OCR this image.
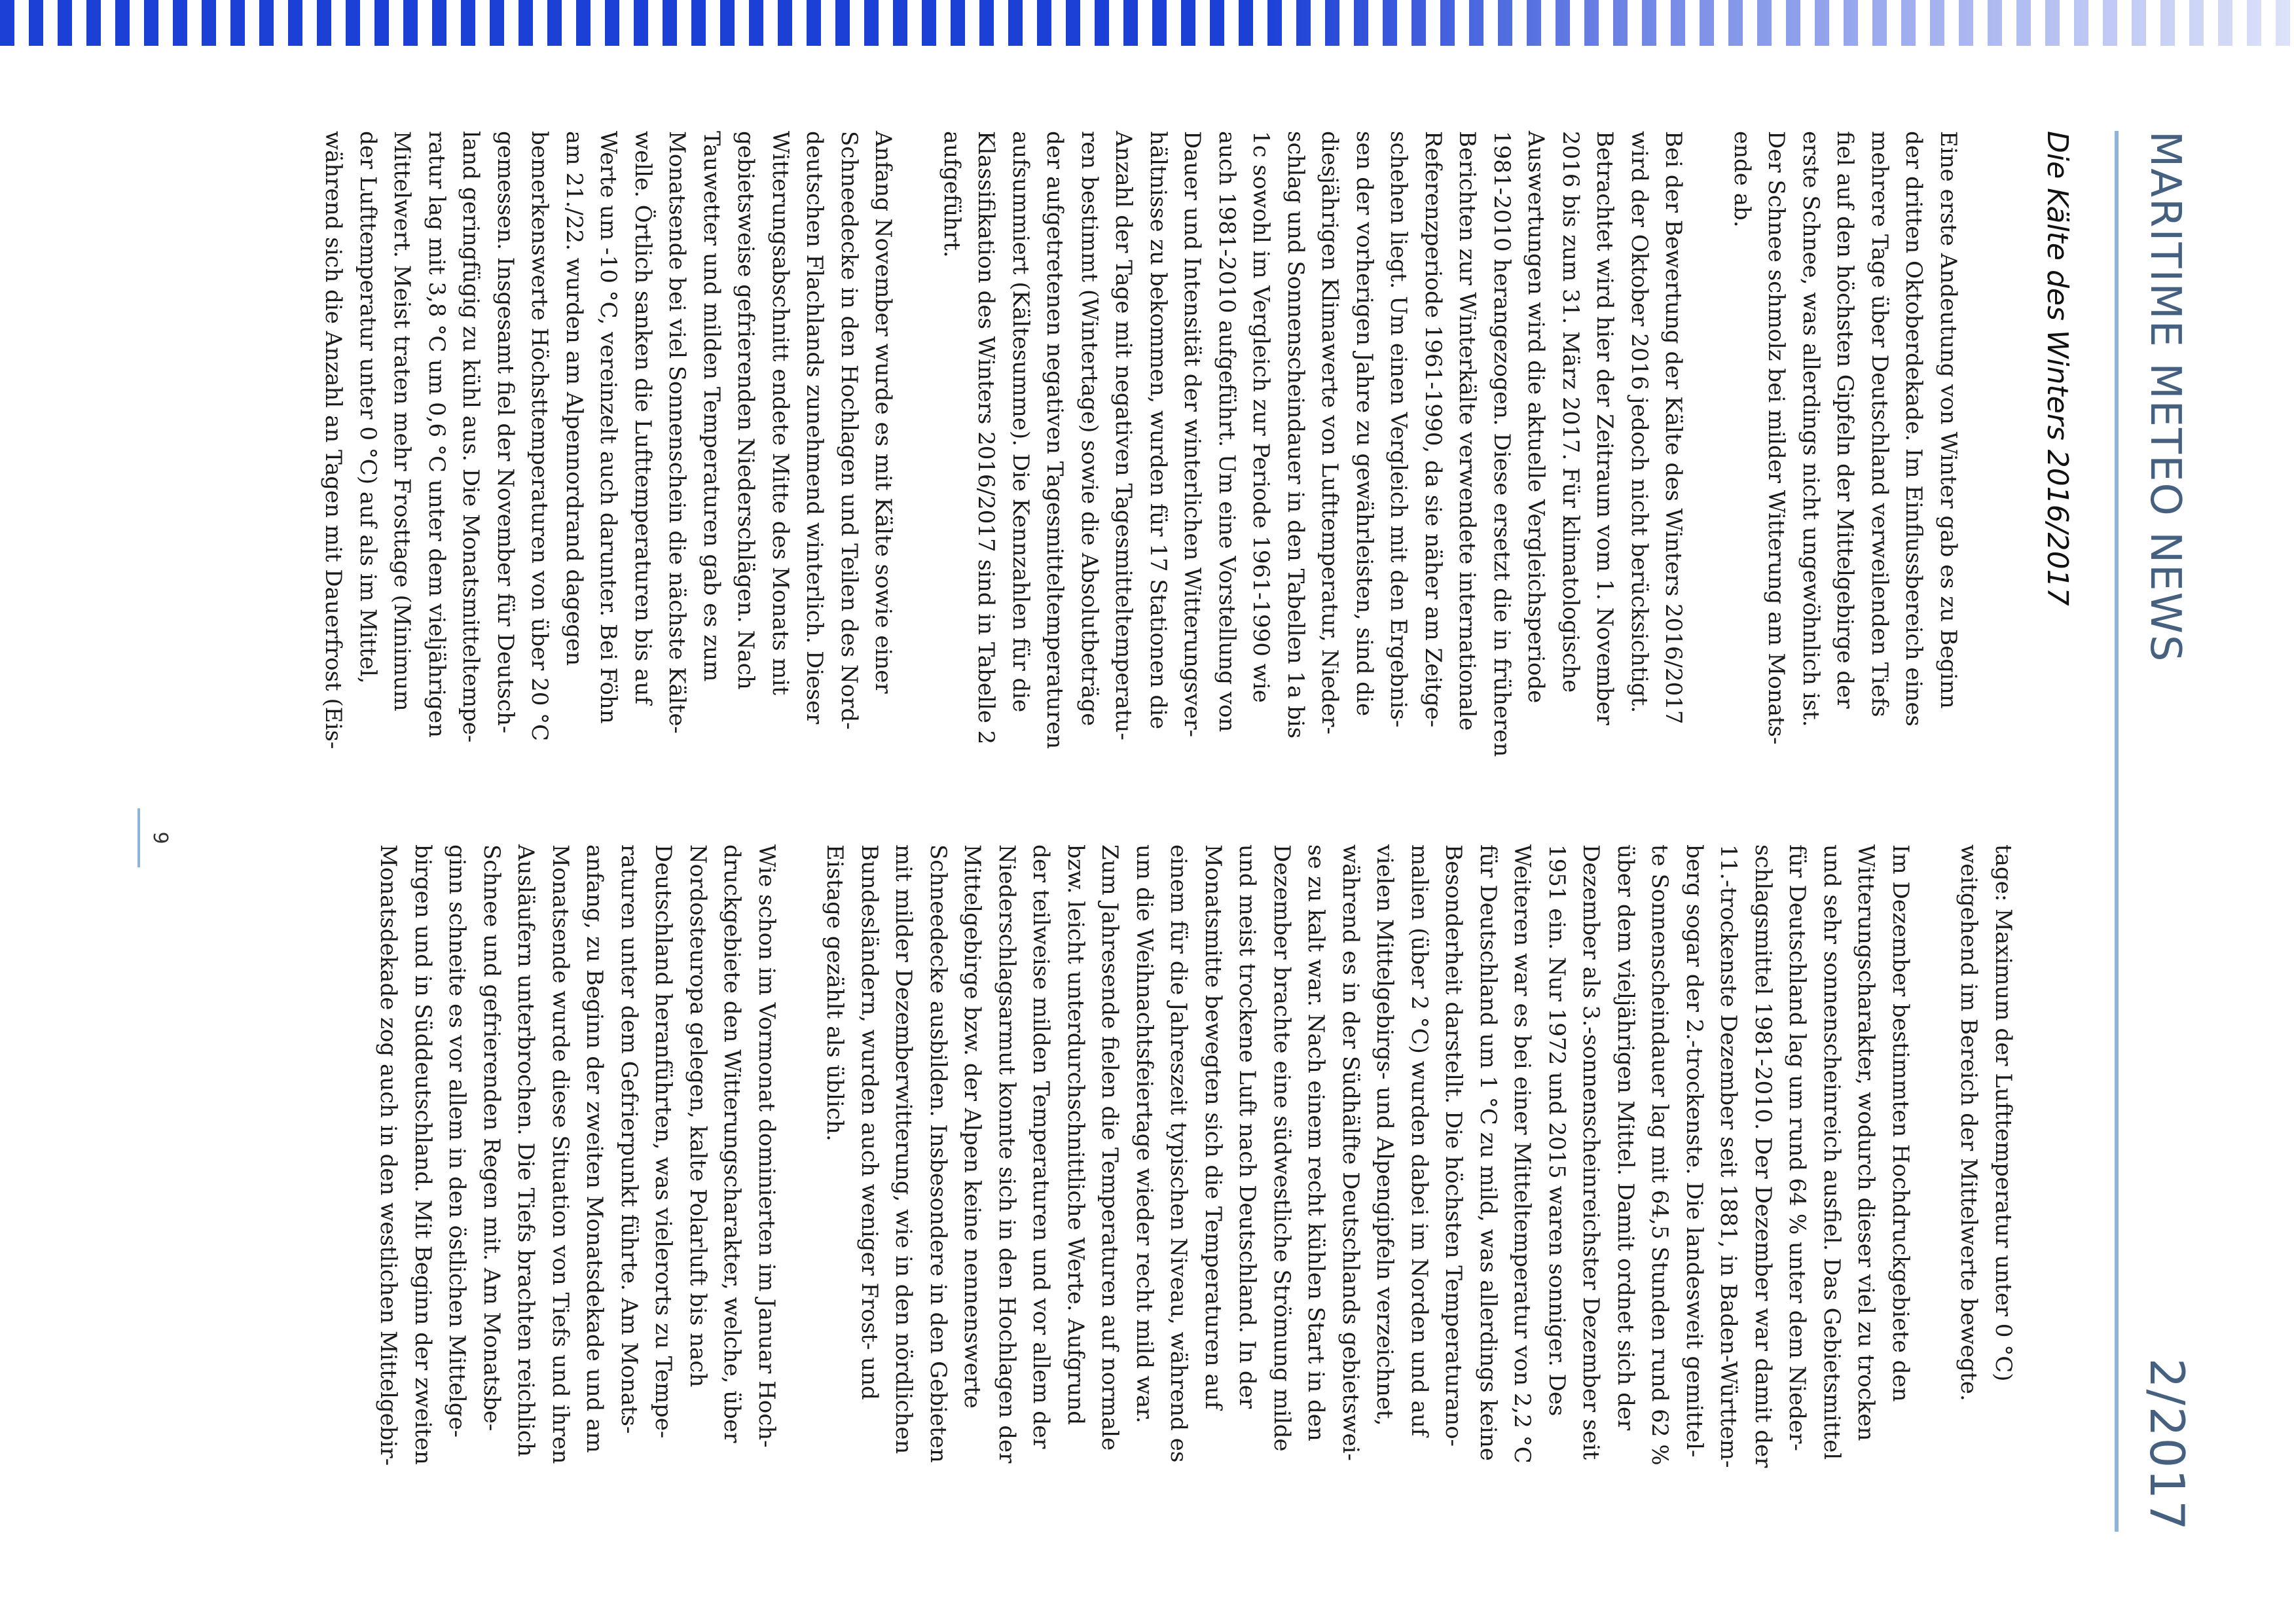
MARITIME METEO NEWS
2/2017
Die Kälte des Winters 2016/2017

Eine erste Andeutung von Winter gab es zu Beginn
der dritten Oktoberdekade. Im Einflussbereich eines
mehrere Tage über Deutschland verweilenden Tiefs
fiel auf den höchsten Gipfeln der Mittelgebirge der
erste Schnee, was allerdings nicht ungewöhnlich ist.
Der Schnee schmolz bei milder Witterung am Monats-
ende ab.

Bei der Bewertung der Kälte des Winters 2016/2017
wird der Oktober 2016 jedoch nicht berücksichtigt.
Betrachtet wird hier der Zeitraum vom 1. November
2016 bis zum 31. März 2017. Für klimatologische
Auswertungen wird die aktuelle Vergleichsperiode
1981-2010 herangezogen. Diese ersetzt die in früheren
Berichten zur Winterkälte verwendete internationale
Referenzperiode 1961-1990, da sie näher am Zeitge-
schehen liegt. Um einen Vergleich mit den Ergebnis-
sen der vorherigen Jahre zu gewährleisten, sind die
diesjährigen Klimawerte von Lufttemperatur, Nieder-
schlag und Sonnenscheindauer in den Tabellen 1a bis
1c sowohl im Vergleich zur Periode 1961-1990 wie
auch 1981-2010 aufgeführt. Um eine Vorstellung von
Dauer und Intensität der winterlichen Witterungsver-
hältnisse zu bekommen, wurden für 17 Stationen die
Anzahl der Tage mit negativen Tagesmitteltemperatu-
ren bestimmt (Wintertage) sowie die Absolutbeträge
der aufgetretenen negativen Tagesmitteltemperaturen
aufsummiert (Kältesumme). Die Kennzahlen für die
Klassifikation des Winters 2016/2017 sind in Tabelle 2
aufgeführt.

Anfang November wurde es mit Kälte sowie einer
Schneedecke in den Hochlagen und Teilen des Nord-
deutschen Flachlands zunehmend winterlich. Dieser
Witterungsabschnitt endete Mitte des Monats mit
gebietsweise gefrierenden Niederschlägen. Nach
Tauwetter und milden Temperaturen gab es zum
Monatsende bei viel Sonnenschein die nächste Kälte-
welle. Örtlich sanken die Lufttemperaturen bis auf
Werte um -10 °C, vereinzelt auch darunter. Bei Föhn
am 21./22. wurden am Alpennordrand dagegen
bemerkenswerte Höchsttemperaturen von über 20 °C
gemessen. Insgesamt fiel der November für Deutsch-
land geringfügig zu kühl aus. Die Monatsmitteltempe-
ratur lag mit 3,8 °C um 0,6 °C unter dem vieljährigen
Mittelwert. Meist traten mehr Frosttage (Minimum
der Lufttemperatur unter 0 °C) auf als im Mittel,
während sich die Anzahl an Tagen mit Dauerfrost (Eis-

tage: Maximum der Lufttemperatur unter 0 °C)
weitgehend im Bereich der Mittelwerte bewegte.

Im Dezember bestimmten Hochdruckgebiete den
Witterungscharakter, wodurch dieser viel zu trocken
und sehr sonnenscheinreich ausfiel. Das Gebietsmittel
für Deutschland lag um rund 64 % unter dem Nieder-
schlagsmittel 1981-2010. Der Dezember war damit der
11.-trockenste Dezember seit 1881, in Baden-Württem-
berg sogar der 2.-trockenste. Die landesweit gemittel-
te Sonnenscheindauer lag mit 64,5 Stunden rund 62 %
über dem vieljährigen Mittel. Damit ordnet sich der
Dezember als 3.-sonnenscheinreichster Dezember seit
1951 ein. Nur 1972 und 2015 waren sonniger. Des
Weiteren war es bei einer Mitteltemperatur von 2,2 °C
für Deutschland um 1 °C zu mild, was allerdings keine
Besonderheit darstellt. Die höchsten Temperaturano-
malien (über 2 °C) wurden dabei im Norden und auf
vielen Mittelgebirgs- und Alpengipfeln verzeichnet,
während es in der Südhälfte Deutschlands gebietswei-
se zu kalt war. Nach einem recht kühlen Start in den
Dezember brachte eine südwestliche Strömung milde
und meist trockene Luft nach Deutschland. In der
Monatsmitte bewegten sich die Temperaturen auf
einem für die Jahreszeit typischen Niveau, während es
um die Weihnachtsfeiertage wieder recht mild war.
Zum Jahresende fielen die Temperaturen auf normale
bzw. leicht unterdurchschnittliche Werte. Aufgrund
der teilweise milden Temperaturen und vor allem der
Niederschlagsarmut konnte sich in den Hochlagen der
Mittelgebirge bzw. der Alpen keine nennenswerte
Schneedecke ausbilden. Insbesondere in den Gebieten
mit milder Dezemberwitterung, wie in den nördlichen
Bundesländern, wurden auch weniger Frost- und
Eistage gezählt als üblich.

Wie schon im Vormonat dominierten im Januar Hoch-
druckgebiete den Witterungscharakter, welche, über
Nordosteuropa gelegen, kalte Polarluft bis nach
Deutschland heranführten, was vielerorts zu Tempe-
raturen unter dem Gefrierpunkt führte. Am Monats-
anfang, zu Beginn der zweiten Monatsdekade und am
Monatsende wurde diese Situation von Tiefs und ihren
Ausläufern unterbrochen. Die Tiefs brachten reichlich
Schnee und gefrierenden Regen mit. Am Monatsbe-
ginn schneite es vor allem in den östlichen Mittelge-
birgen und in Süddeutschland. Mit Beginn der zweiten
Monatsdekade zog auch in den westlichen Mittelgebir-

9
